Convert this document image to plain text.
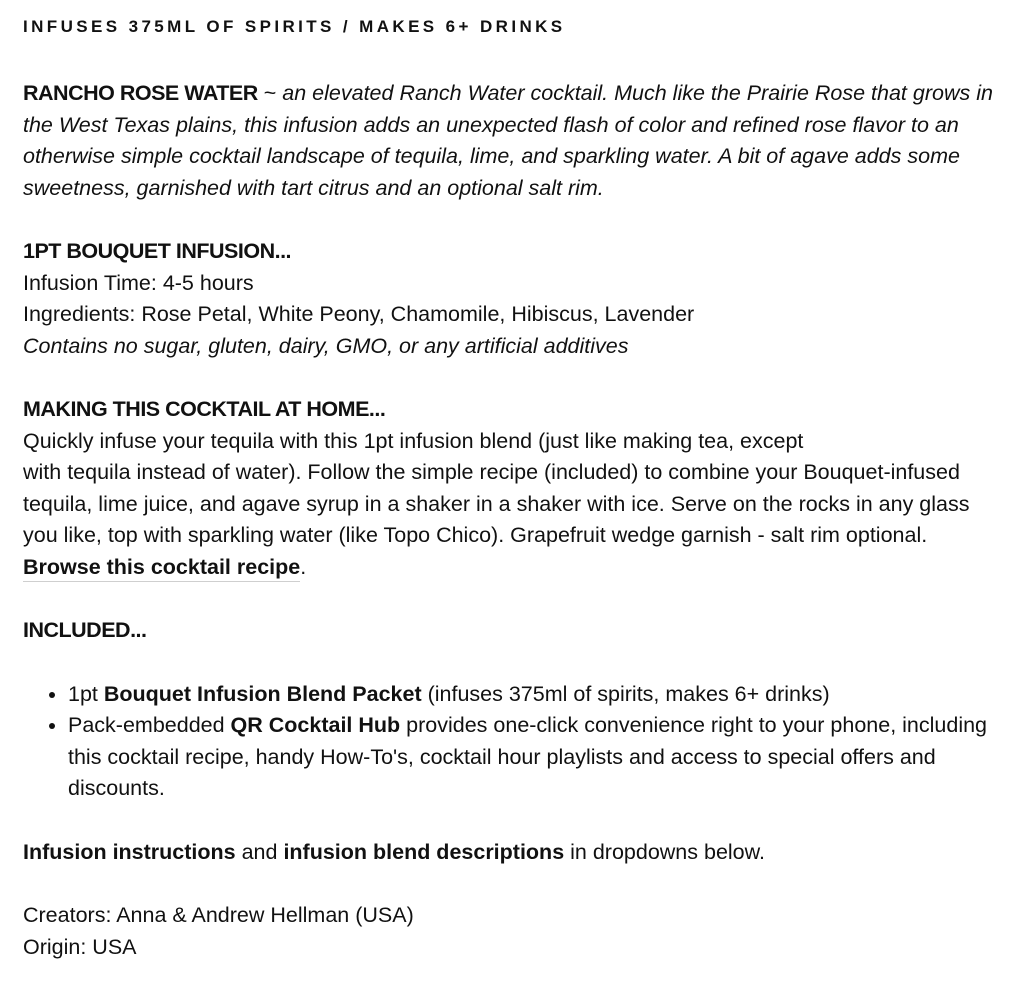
INFUSES 375ML OF SPIRITS / MAKES 6+ DRINKS

RANCHO ROSE WATER ~ an elevated Ranch Water cocktail. Much like the Prairie Rose that grows in the West Texas plains, this infusion adds an unexpected flash of color and refined rose flavor to an otherwise simple cocktail landscape of tequila, lime, and sparkling water. A bit of agave adds some sweetness, garnished with tart citrus and an optional salt rim.

1PT BOUQUET INFUSION...

Infusion Time: 4-5 hours

Ingredients: Rose Petal, White Peony, Chamomile, Hibiscus, Lavender

Contains no sugar, gluten, dairy, GMO, or any artificial additives

MAKING THIS COCKTAIL AT HOME...

Quickly infuse your tequila with this 1pt infusion blend (just like making tea, except

with tequila instead of water). Follow the simple recipe (included) to combine your Bouquet-infused tequila, lime juice, and agave syrup in a shaker in a shaker with ice. Serve on the rocks in any glass you like, top with sparkling water (like Topo Chico). Grapefruit wedge garnish - salt rim optional. Browse this cocktail recipe.

INCLUDED...

• 1pt Bouquet Infusion Blend Packet (infuses 375ml of spirits, makes 6+ drinks)
• Pack-embedded QR Cocktail Hub provides one-click convenience right to your phone, including this cocktail recipe, handy How-To's, cocktail hour playlists and access to special offers and discounts.

Infusion instructions and infusion blend descriptions in dropdowns below.

Creators: Anna & Andrew Hellman (USA)

Origin: USA
